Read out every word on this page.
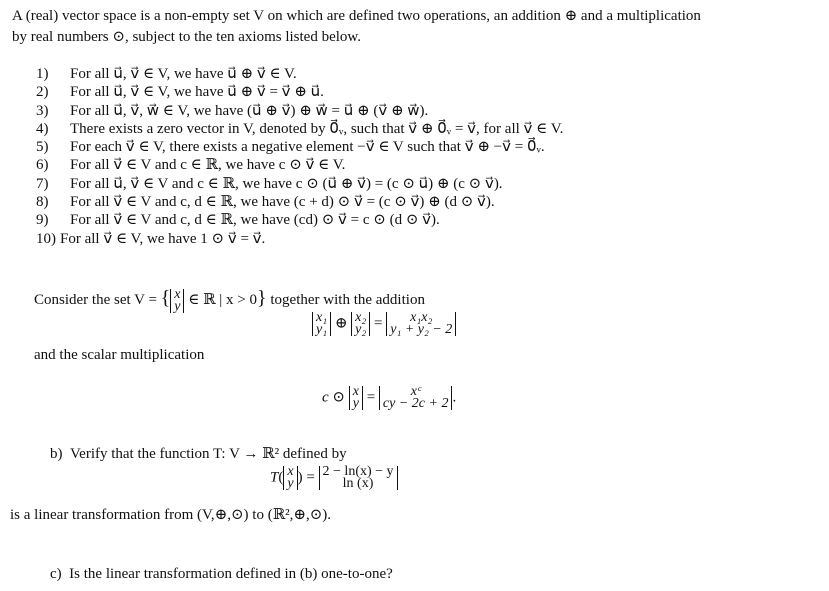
A (real) vector space is a non-empty set V on which are defined two operations, an addition ⊕ and a multiplication
by real numbers ⊙, subject to the ten axioms listed below.
1) For all u⃗, v⃗ ∈ V, we have u⃗ ⊕ v⃗ ∈ V.
2) For all u⃗, v⃗ ∈ V, we have u⃗ ⊕ v⃗ = v⃗ ⊕ u⃗.
3) For all u⃗, v⃗, w⃗ ∈ V, we have (u⃗ ⊕ v⃗) ⊕ w⃗ = u⃗ ⊕ (v⃗ ⊕ w⃗).
4) There exists a zero vector in V, denoted by 0⃗ᵥ, such that v⃗ ⊕ 0⃗ᵥ = v⃗, for all v⃗ ∈ V.
5) For each v⃗ ∈ V, there exists a negative element −v⃗ ∈ V such that v⃗ ⊕ −v⃗ = 0⃗ᵥ.
6) For all v⃗ ∈ V and c ∈ ℝ, we have c ⊙ v⃗ ∈ V.
7) For all u⃗, v⃗ ∈ V and c ∈ ℝ, we have c ⊙ (u⃗ ⊕ v⃗) = (c ⊙ u⃗) ⊕ (c ⊙ v⃗).
8) For all v⃗ ∈ V and c, d ∈ ℝ, we have (c + d) ⊙ v⃗ = (c ⊙ v⃗) ⊕ (d ⊙ v⃗).
9) For all v⃗ ∈ V and c, d ∈ ℝ, we have (cd) ⊙ v⃗ = c ⊙ (d ⊙ v⃗).
10) For all v⃗ ∈ V, we have 1 ⊙ v⃗ = v⃗.
Consider the set V = { x
y ∈ ℝ | x > 0} together with the addition
x₁
y₁ ⊕ x₂
y₂ =	x₁x₂
y₁ + y₂ − 2
and the scalar multiplication
c ⊙ x
y =	xᶜ
cy − 2c + 2 .
b) Verify that the function T: V → ℝ² defined by
T( x
y ) = 2 − ln(x) − y
ln (x)
is a linear transformation from (V,⊕,⊙) to (ℝ²,⊕,⊙).
c) Is the linear transformation defined in (b) one-to-one?
